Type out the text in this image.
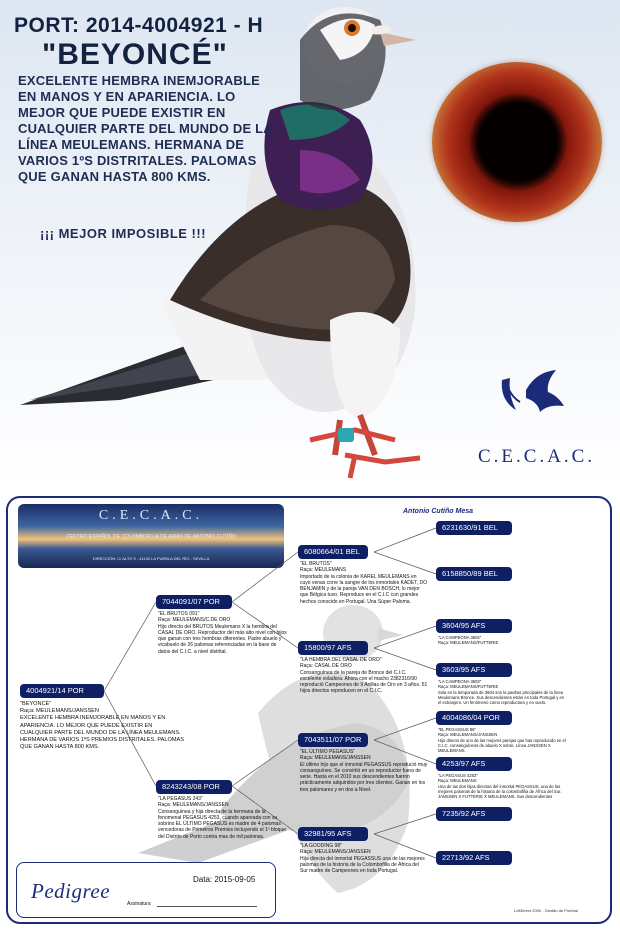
PORT: 2014-4004921 - H
"BEYONCÉ"
EXCELENTE HEMBRA INEMJORABLE EN MANOS Y EN APARIENCIA. LO MEJOR QUE PUEDE EXISTIR EN CUALQUIER PARTE DEL MUNDO DE LA LÍNEA MEULEMANS. HERMANA DE VARIOS 1ºS DISTRITALES. PALOMAS QUE GANAN HASTA 800 KMS.
¡¡¡ MEJOR IMPOSIBLE !!!
C.E.C.A.C.
C.E.C.A.C.
CENTRO ESPAÑOL DE COLOMBOFILIA DE ARIAS DE ANTONIO CUTIÑO
DIRECCIÓN: C/ ALTO 9 - 41130 LA PUEBLA DEL RÍO - SEVILLA
Antonio Cutiño Mesa
4004921/14 POR
"BEYONCÉ"
Raça: MEULEMANS/JANSSEN
EXCELENTE HEMBRA INEMJORABLE EN MANOS Y EN APARIENCIA. LO MEJOR QUE PUEDE EXISTIR EN CUALQUIER PARTE DEL MUNDO DE LA LÍNEA MEULEMANS. HERMANA DE VARIOS 1ºS PREMIOS DISTRITALES. PALOMAS QUE GANAN HASTA 800 KMS.
7044091/07 POR
"EL BRUTOS 091"
Raça: MEULEMANS/C.DE ORO
Hijo directo del BRUTOS Meulemans X la hembra del CASAL DE ORO. Reproductor del más alto nivel con hijos que ganan con tres hembras diferentes. Padre abuelo y vicabuelo de 26 palomas referenciadas en la base de datos del C.I.C. a nivel distrital.
8243243/08 POR
"LA PEGASUS 243"
Raça: MEULEMANS/JANSSEN
Consanguínea y hija directa de la hermana de la fenomenal PEGASUS 4253, cuando apareada con su sobrino EL ÚLTIMO PEGASUS es madre de 4 palomas vencedoras de Primeiros Premios incluyendo el 1º bloque del Distrito de Porto contra mas de mil palomas.
6080664/01 BEL
"EL BRUTOS"
Raça: MEULEMANS
Importado de la colonia de KAREL MEULEMANS en cuyo venas corre la sangre de los inmortales KADET, DO BENJAMIN y de la pareja VAN DEN BOSCH, lo mejor que Bélgica tuvo. Reproduce en el C.I.C con grandes hechos conocido en Portugal. Una Súper Paloma.
15800/97 AFS
"LA HEMBRA DEL CASAL DE ORO"
Raça: CASAL DE ORO
Consanguínea de la pareja de Bronce del C.I.C. excelente voladora. Ahora con el macho 2382316/90 reprodució Campeones de 9 Anillas de Oro en 3 años. 51 hijos directos reproducen en el C.I.C.
7043511/07 POR
"EL ÚLTIMO PEGASUS"
Raça: MEULEMANS/JANSSEN
El último hijo que el inmortal PEGASSUS reprodució muy consanguíneo. Se convirtió en un reproductor fuera de serie. Hasta en el 2010 sus descendientes fueron prácticamente adquiridos por tres clientes. Ganan en los tres palomares y en dos a Nivel.
32981/95 AFS
"LA GOODING 98"
Raça: MEULEMANS/JANSSEN
Hija directa del inmortal PEGASSUS una de las mejores palomas de la historia de la Colombofilia de África del Sur madre de Campeones en toda Portugal.
6231630/91 BEL
6158850/89 BEL
3604/95 AFS
"LA CAMPEONA 3604"
Raça: MEULEMANS/FUTTERIE
3603/95 AFS
"LA CAMPEONA 3603"
Raça: MEULEMANS/FUTTERIE
Sola en la temporada de 3604 son la piedras principales de la línea Meulemans Bronce. Sus descendientes están en toda Portugal y en el extranjero. Un fenómeno como reproductora y en vuelo.
4004086/04 POR
"EL PEGASSUS 86"
Raça: MEULEMANS/JANSSEN
Hijo directo de uno de las mejores parejas que has reproducido en el C.I.C. consanguíneos de abuelo X sobre. Línea JANSSEN X MEULEMANS.
4253/97 AFS
"LA PEGASUS 4253"
Raça: MEULEMANS
Una de las dos hijas directas del inmortal PEGASSUS, una de las mejores palomas de la historia de la colombofilia de África del Sur. JANSSEN X FUTTERIE X MEULEMANS. Sus descendientes
7235/92 AFS
22713/92 AFS
Pedigree	Data: 2015-09-05
Assinatura
LoftDirect 2000 - Gestão de Pombal
